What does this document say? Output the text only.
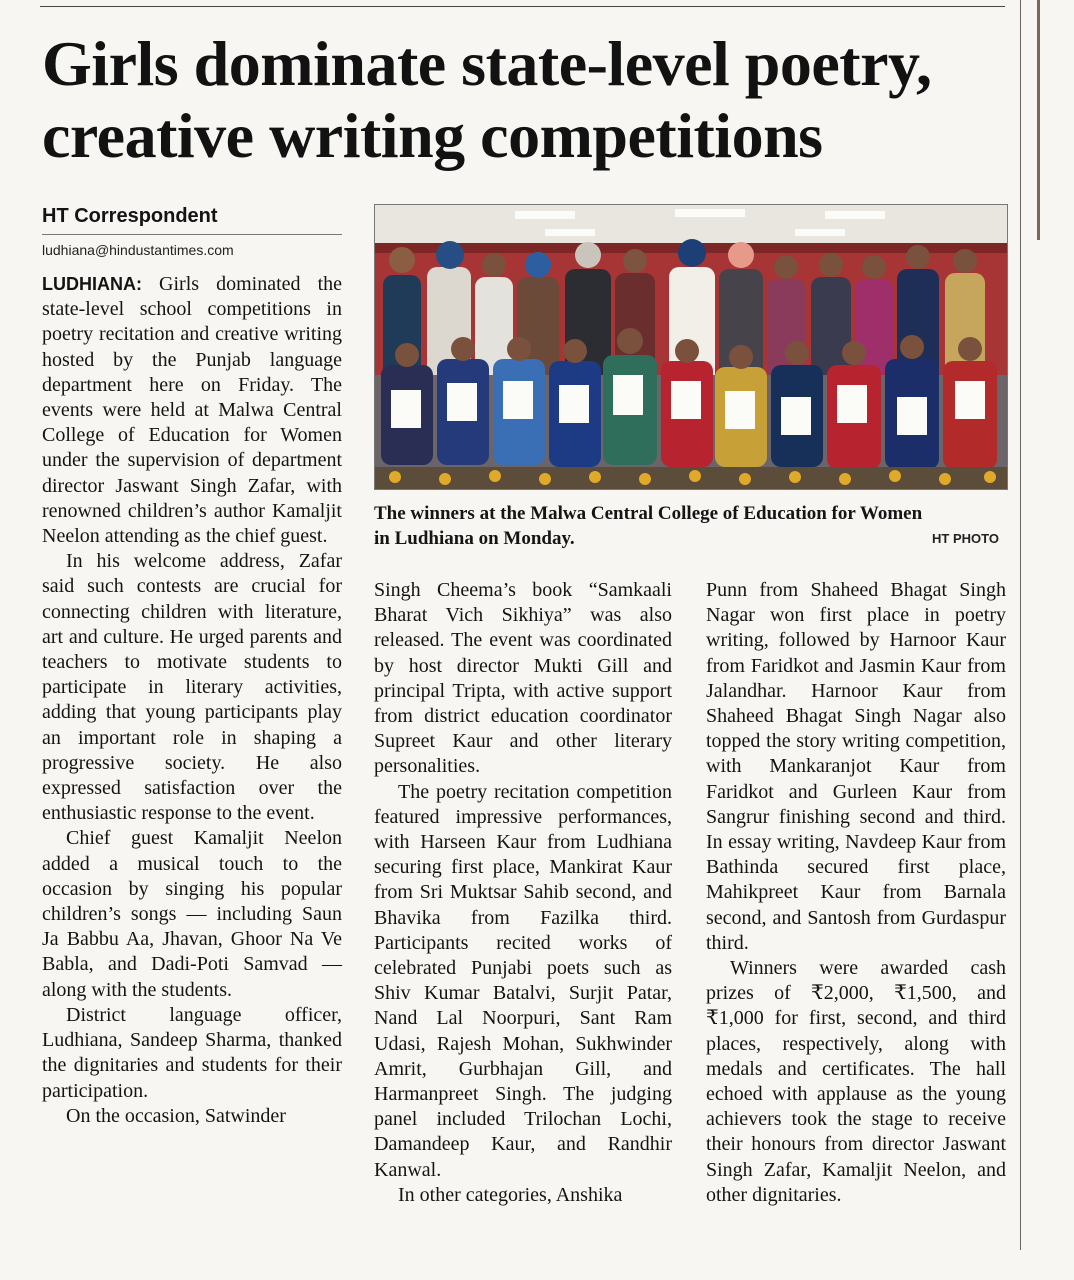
Girls dominate state-level poetry, creative writing competitions
HT Correspondent
ludhiana@hindustantimes.com

The winners at the Malwa Central College of Education for Women in Ludhiana on Monday.	HT PHOTO

LUDHIANA: Girls dominated the state-level school competitions in poetry recitation and creative writing hosted by the Punjab language department here on Friday. The events were held at Malwa Central College of Education for Women under the supervision of department director Jaswant Singh Zafar, with renowned children’s author Kamaljit Neelon attending as the chief guest.

In his welcome address, Zafar said such contests are crucial for connecting children with literature, art and culture. He urged parents and teachers to motivate students to participate in literary activities, adding that young participants play an important role in shaping a progressive society. He also expressed satisfaction over the enthusiastic response to the event.

Chief guest Kamaljit Neelon added a musical touch to the occasion by singing his popular children’s songs — including Saun Ja Babbu Aa, Jhavan, Ghoor Na Ve Babla, and Dadi-Poti Samvad — along with the students.

District language officer, Ludhiana, Sandeep Sharma, thanked the dignitaries and students for their participation.

On the occasion, Satwinder

Singh Cheema’s book “Samkaali Bharat Vich Sikhiya” was also released. The event was coordinated by host director Mukti Gill and principal Tripta, with active support from district education coordinator Supreet Kaur and other literary personalities.

The poetry recitation competition featured impressive performances, with Harseen Kaur from Ludhiana securing first place, Mankirat Kaur from Sri Muktsar Sahib second, and Bhavika from Fazilka third. Participants recited works of celebrated Punjabi poets such as Shiv Kumar Batalvi, Surjit Patar, Nand Lal Noorpuri, Sant Ram Udasi, Rajesh Mohan, Sukhwinder Amrit, Gurbhajan Gill, and Harmanpreet Singh. The judging panel included Trilochan Lochi, Damandeep Kaur, and Randhir Kanwal.

In other categories, Anshika

Punn from Shaheed Bhagat Singh Nagar won first place in poetry writing, followed by Harnoor Kaur from Faridkot and Jasmin Kaur from Jalandhar. Harnoor Kaur from Shaheed Bhagat Singh Nagar also topped the story writing competition, with Mankaranjot Kaur from Faridkot and Gurleen Kaur from Sangrur finishing second and third. In essay writing, Navdeep Kaur from Bathinda secured first place, Mahikpreet Kaur from Barnala second, and Santosh from Gurdaspur third.

Winners were awarded cash prizes of ₹2,000, ₹1,500, and ₹1,000 for first, second, and third places, respectively, along with medals and certificates. The hall echoed with applause as the young achievers took the stage to receive their honours from director Jaswant Singh Zafar, Kamaljit Neelon, and other dignitaries.
